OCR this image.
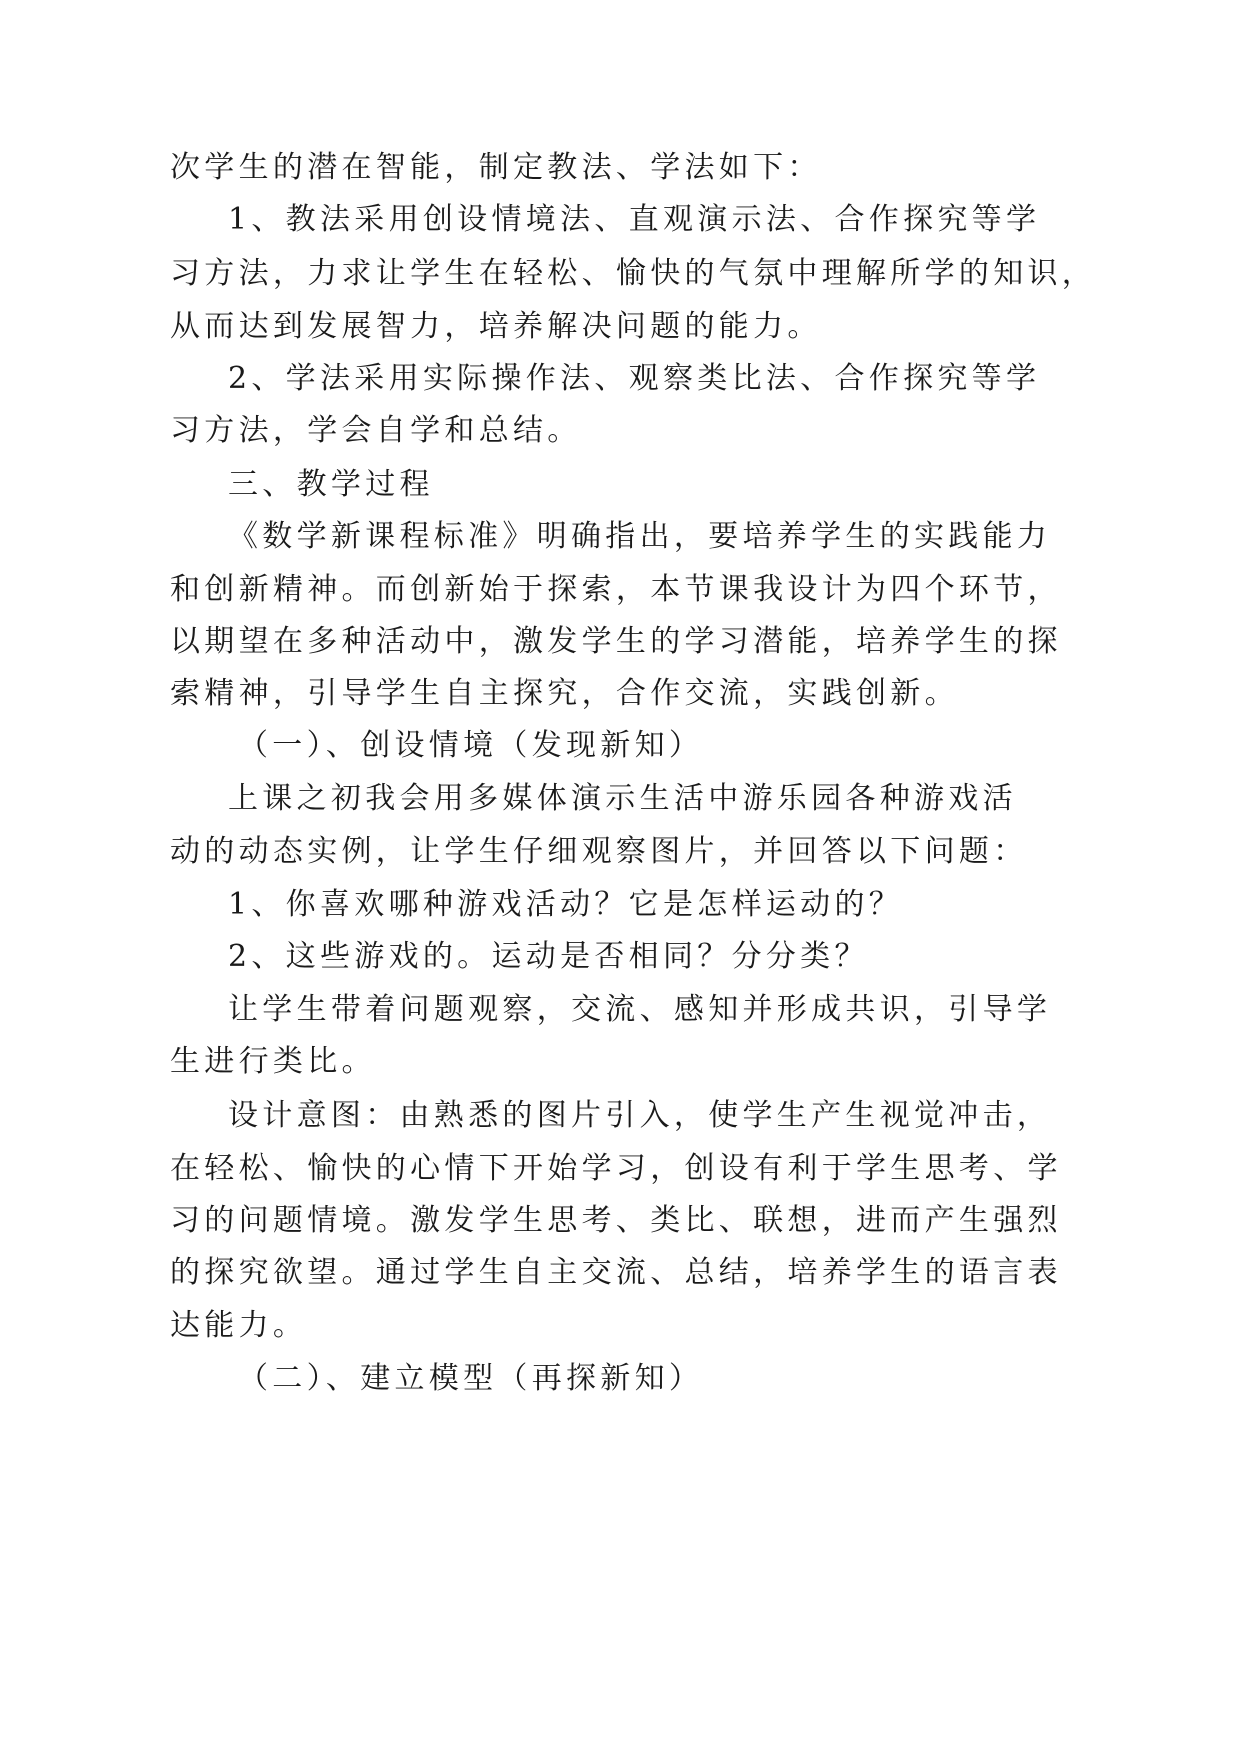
次学生的潜在智能，制定教法、学法如下：

1、教法采用创设情境法、直观演示法、合作探究等学

习方法，力求让学生在轻松、愉快的气氛中理解所学的知识，

从而达到发展智力，培养解决问题的能力。

2、学法采用实际操作法、观察类比法、合作探究等学

习方法，学会自学和总结。

三、教学过程

《数学新课程标准》明确指出，要培养学生的实践能力

和创新精神。而创新始于探索，本节课我设计为四个环节，

以期望在多种活动中，激发学生的学习潜能，培养学生的探

索精神，引导学生自主探究，合作交流，实践创新。

（一）、创设情境（发现新知）

上课之初我会用多媒体演示生活中游乐园各种游戏活

动的动态实例，让学生仔细观察图片，并回答以下问题：

1、你喜欢哪种游戏活动？它是怎样运动的？

2、这些游戏的。运动是否相同？分分类？

让学生带着问题观察，交流、感知并形成共识，引导学

生进行类比。

设计意图：由熟悉的图片引入，使学生产生视觉冲击，

在轻松、愉快的心情下开始学习，创设有利于学生思考、学

习的问题情境。激发学生思考、类比、联想，进而产生强烈

的探究欲望。通过学生自主交流、总结，培养学生的语言表

达能力。

（二）、建立模型（再探新知）
